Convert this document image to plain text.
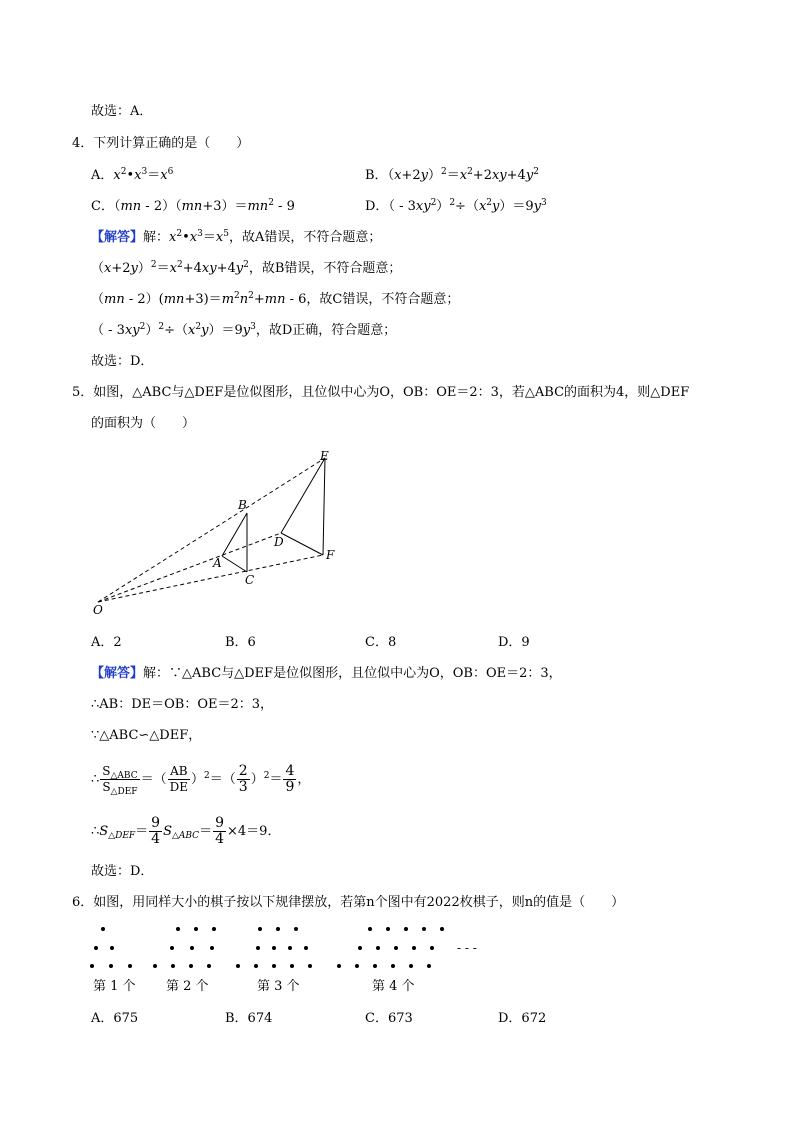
故选：A．
4．下列计算正确的是（　　）
A．$x^2•x^3=x^6$	B．$(x+2y)^2=x^2+2xy+4y^2$
C．$(mn - 2)(mn+3)=mn^2 - 9$	D．（ - $3xy^2)^2\div(x^2y)=9y^3$
【解答】解：$x^2•x^3=x^5$，故A错误，不符合题意；
$(x+2y)^2=x^2+4xy+4y^2$，故B错误，不符合题意；
$(mn - 2)(mn+3)=m^2n^2+mn - 6$，故C错误，不符合题意；
（ - $3xy^2)^2\div(x^2y)=9y^3$，故D正确，符合题意；
故选：D．
5．如图，△ABC与△DEF是位似图形，且位似中心为O，OB：OE＝2：3，若△ABC的面积为4，则△DEF
的面积为（　　）
E
B
D
F
A
C
O
A．2	B．6	C．8	D．9
【解答】解：∵△ABC与△DEF是位似图形，且位似中心为O，OB：OE＝2：3，
∴AB：DE＝OB：OE＝2：3，
∵△ABC∽△DEF，
∴ $\frac{S_{\triangle ABC}}{S_{\triangle DEF}}$ ＝（ $\frac{AB}{DE} )^2=( \frac{2}{3} )^2= \frac{4}{9}$ ，
$\therefore S_{\triangle DEF}= \frac{9}{4} S_{\triangle ABC}= \frac{9}{4} \times 4=9$．
故选：D．
6．如图，用同样大小的棋子按以下规律摆放，若第n个图中有2022枚棋子，则n的值是（　　）
- - -
第 1 个 第 2 个	第 3 个	第 4 个
A．675	B．674	C．673	D．672
